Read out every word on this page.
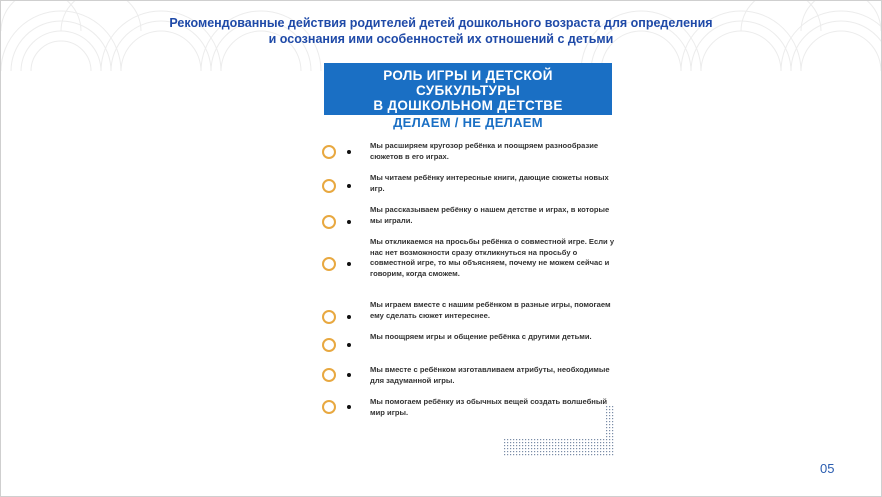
Рекомендованные действия родителей детей дошкольного возраста для определения
и осознания ими особенностей их отношений с детьми
РОЛЬ ИГРЫ И ДЕТСКОЙ
СУБКУЛЬТУРЫ
В ДОШКОЛЬНОМ ДЕТСТВЕ
ДЕЛАЕМ / НЕ ДЕЛАЕМ
Мы расширяем кругозор ребёнка и поощряем разнообразие сюжетов в его играх.
Мы читаем ребёнку интересные книги, дающие сюжеты новых игр.
Мы рассказываем ребёнку о нашем детстве и играх, в которые мы играли.
Мы откликаемся на просьбы ребёнка о совместной игре. Если у нас нет возможности сразу откликнуться на просьбу о совместной игре, то мы объясняем, почему не можем сейчас и говорим, когда сможем.
Мы играем вместе с нашим ребёнком в разные игры, помогаем ему сделать сюжет интереснее.
Мы поощряем игры и общение ребёнка с другими детьми.
Мы вместе с ребёнком изготавливаем атрибуты, необходимые для задуманной игры.
Мы помогаем ребёнку из обычных вещей создать волшебный мир игры.
05
